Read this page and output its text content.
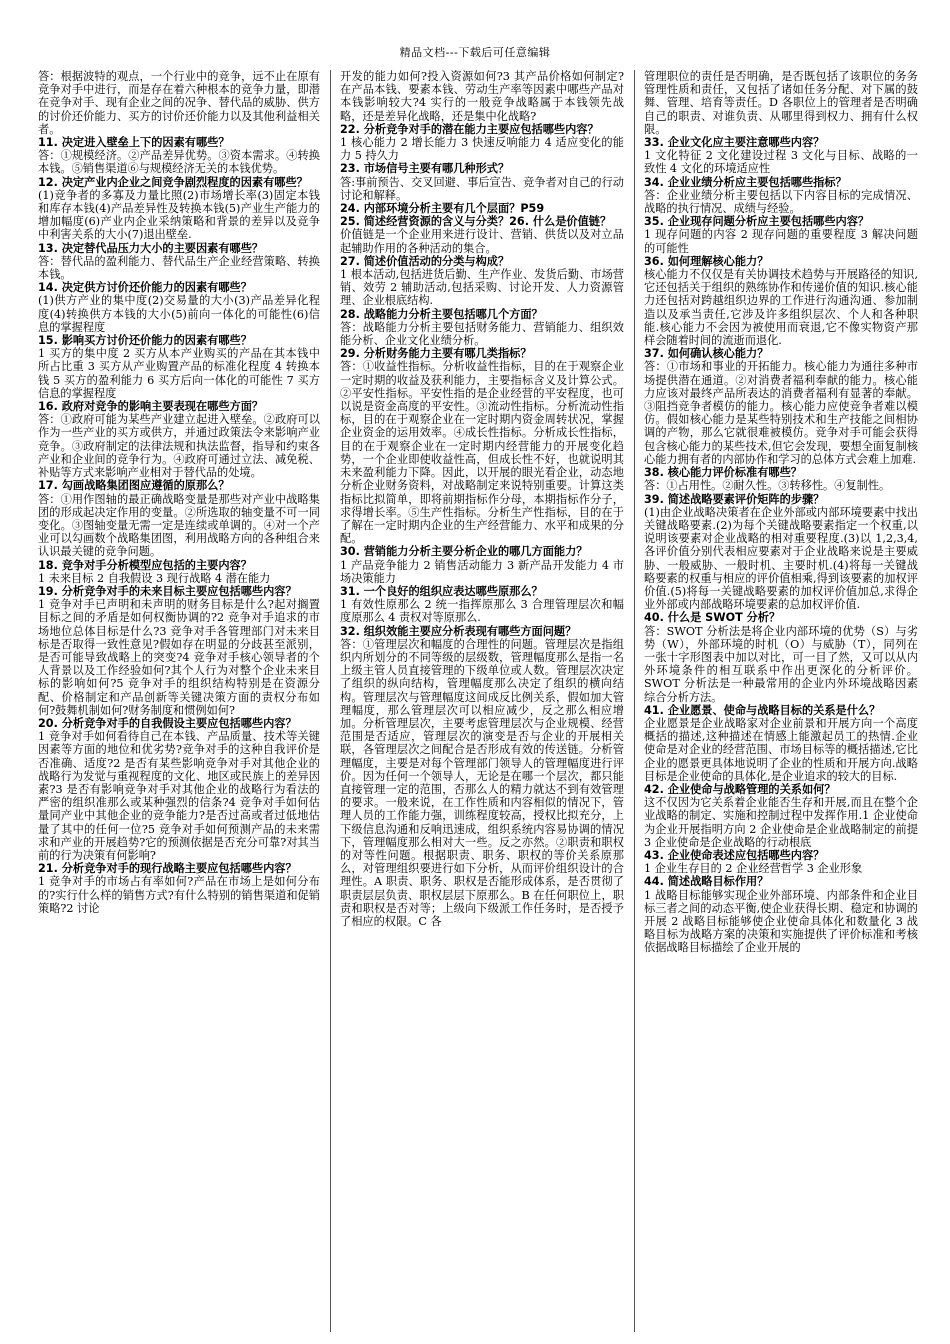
精品文档---下载后可任意编辑

答：根据波特的观点，一个行业中的竞争，远不止在原有竞争对手中进行，而是存在着六种根本的竞争力量，即潜在竞争对手、现有企业之间的况争、替代品的威胁、供方的讨价还价能力、买方的讨价还价能力以及其他利益相关者。

11. 决定进入壁垒上下的因素有哪些？

答：①规模经济。②产品差异优势。③资本需求。④转换本钱。⑤销售渠道⑥与规模经济无关的本钱优势。

12. 决定产业内企业之间竞争剧烈程度的因素有哪些？

(1)竞争者的多寡及力量比照(2)市场增长率(3)固定本钱和库存本钱(4)产品差异性及转换本钱(5)产业生产能力的增加幅度(6)产业内企业采纳策略和背景的差异以及竞争中利害关系的大小(7)退出壁垒.

13. 决定替代品压力大小的主要因素有哪些？

答：替代品的盈利能力、替代品生产企业经营策略、转换本钱。

14. 决定供方讨价还价能力的因素有哪些？

(1)供方产业的集中度(2)交易量的大小(3)产品差异化程度(4)转换供方本钱的大小(5)前向一体化的可能性(6)信息的掌握程度

15. 影响买方讨价还价能力的因素有哪些？

1 买方的集中度 2 买方从本产业购买的产品在其本钱中所占比重 3 买方从产业购置产品的标准化程度 4 转换本钱 5 买方的盈利能力 6 买方后向一体化的可能性 7 买方信息的掌握程度

16. 政府对竞争的影响主要表现在哪些方面？

答：①政府可能为某些产业建立起进入壁垒。②政府可以作为一些产业的买方或供方，并通过政策法令来影响产业竞争。③政府制定的法律法规和执法监督，指导和约束各产业和企业间的竞争行为。④政府可通过立法、减免税、补贴等方式来影响产业相对于替代品的处境。

17. 勾画战略集团图应遵循的原那么？

答：①用作图轴的最正确战略变量是那些对产业中战略集团的形成起决定作用的变量。②所选取的轴变量不可一同变化。③图轴变量无需一定是连续或单调的。④对一个产业可以勾画数个战略集团图，利用战略方向的各种组合来认识最关键的竞争问题。

18. 竞争对手分析模型应包括的主要内容？

1 未来目标 2 自我假设 3 现行战略 4 潜在能力

19. 分析竞争对手的未来目标主要应包括哪些内容？

1 竞争对手已声明和未声明的财务目标是什么?起对搁置目标之间的矛盾是如何权衡协调的?2 竞争对手追求的市场地位总体目标是什么?3 竞争对手各管理部门对未来目标是否取得一致性意见?假如存在明显的分歧甚至派别，是否可能导致战略上的突变?4 竞争对手核心领导者的个人背景以及工作经验如何?其个人行为对整个企业未来目标的影响如何?5 竞争对手的组织结构特别是在资源分配、价格制定和产品创新等关键决策方面的责权分布如何?鼓舞机制如何?财务制度和惯例如何?

20. 分析竞争对手的自我假设主要应包括哪些内容？

1 竞争对手如何看待自己在本钱、产品质量、技术等关键因素等方面的地位和优劣势?竞争对手的这种自我评价是否准确、适度?2 是否有某些影响竞争对手对其他企业的战略行为发觉与重视程度的文化、地区或民族上的差异因素?3 是否有影响竞争对手对其他企业的战略行为看法的严密的组织准那么或某种强烈的信条?4 竞争对手如何估量同产业中其他企业的竞争能力?是否过高或者过低地估量了其中的任何一位?5 竞争对手如何预测产品的未来需求和产业的开展趋势?它的预测依据是否充分可靠?对其当前的行为决策有何影响?

21. 分析竞争对手的现行战略主要应包括哪些内容？

1 竞争对手的市场占有率如何?产品在市场上是如何分布的?实行什么样的销售方式?有什么特别的销售渠道和促销策略?2 讨论

开发的能力如何?投入资源如何?3 其产品价格如何制定?在产品本钱、要素本钱、劳动生产率等因素中哪些产品对本钱影响较大?4 实行的一般竞争战略属于本钱领先战略，还是差异化战略，还是集中化战略?

22. 分析竞争对手的潜在能力主要应包括哪些内容？

1 核心能力 2 增长能力 3 快速反响能力 4 适应变化的能力 5 持久力

23. 市场信号主要有哪几种形式？

答:事前预告、交叉回避、事后宣告、竞争者对自己的行动讨论和解释。

24. 内部环境分析主要有几个层面？P59

25. 简述经营资源的含义与分类？26. 什么是价值链？

价值链是一个企业用来进行设计、营销、供货以及对立品起辅助作用的各种活动的集合。

27. 简述价值活动的分类与构成？

1 根本活动,包括进货后勤、生产作业、发货后勤、市场营销、效劳 2 辅助活动,包括采购、讨论开发、人力资源管理、企业根底结构.

28. 战略能力分析主要包括哪几个方面？

答：战略能力分析主要包括财务能力、营销能力、组织效能分析、企业文化业绩分析。

29. 分析财务能力主要有哪几类指标？

答：①收益性指标。分析收益性指标，目的在于观察企业一定时期的收益及获利能力，主要指标含义及计算公式。②平安性指标。平安性指的是企业经营的平安程度，也可以说是资金高度的平安性。③流动性指标。分析流动性指标，目的在于观察企业在一定时期内资金周转状况，掌握企业资金的运用效率。④成长性指标。分析成长性指标，目的在于观察企业在一定时期内经营能力的开展变化趋势，一个企业即使收益性高，但成长性不好，也就说明其未来盈利能力下降。因此，以开展的眼光看企业，动态地分析企业财务资料，对战略制定来说特别重要。计算这类指标比拟简单，即将前期指标作分母，本期指标作分子，求得增长率。⑤生产性指标。分析生产性指标，目的在于了解在一定时期内企业的生产经营能力、水平和成果的分配。

30. 营销能力分析主要分析企业的哪几方面能力？

1 产品竞争能力 2 销售活动能力 3 新产品开发能力 4 市场决策能力

31. 一个良好的组织应表达哪些原那么？

1 有效性原那么 2 统一指挥原那么 3 合理管理层次和幅度原那么 4 责权对等原那么.

32. 组织效能主要应分析表现有哪些方面问题？

答：①管理层次和幅度的合理性的问题。管理层次是指组织内所划分的不同等级的层级数，管理幅度那么是指一名上级主管人员直接管理的下级单位或人数。管理层次决定了组织的纵向结构，管理幅度那么决定了组织的横向结构。管理层次与管理幅度这间成反比例关系，假如加大管理幅度，那么管理层次可以相应减少，反之那么相应增加。分析管理层次，主要考虑管理层次与企业规模、经营范围是否适应，管理层次的演变是否与企业的开展相关联，各管理层次之间配合是否形成有效的传送链。分析管理幅度，主要是对每个管理部门领导人的管理幅度进行评价。因为任何一个领导人，无论是在哪一个层次，都只能直接管理一定的范围，否那么人的精力就达不到有效管理的要求。一般来说，在工作性质和内容相似的情况下，管理人员的工作能力强，训练程度较高，授权比拟充分，上下级信息沟通和反响迅速成，组织系统内容易协调的情况下，管理幅度那么相对大一些。反之亦然。②职责和职权的对等性问题。根据职责、职务、职权的等价关系原那么，对管理组织要进行如下分析，从而评价组织设计的合理性。A 职责、职务、职权是否能形成体系，是否贯彻了职责层层负责、职权层层下原那么。B 在任何职位上，职责和职权是否对等；上级向下级派工作任务时，是否授予了相应的权限。C 各

管理职位的责任是否明确，是否既包括了该职位的务务管理性质和责任，又包括了诸如任务分配、对下属的鼓舞、管理、培育等责任。D 各职位上的管理者是否明确自己的职责、对谁负责、从哪里得到权力、拥有什么权限。

33. 企业文化应主要注意哪些内容？

1 文化特征 2 文化建设过程 3 文化与目标、战略的一致性 4 文化的环境适应性

34. 企业业绩分析应主要包括哪些指标？

答：企业业绩分析主要包括以下内容目标的完成情况、战略的执行情况、成绩与经验。

35. 企业现存问题分析应主要包括哪些内容？

1 现存问题的内容 2 现存问题的重要程度 3 解决问题的可能性

36. 如何理解核心能力？

核心能力不仅仅是有关协调技术趋势与开展路径的知识,它还包括关于组织的熟练协作和传递价值的知识.核心能力还包括对跨越组织边界的工作进行沟通沟通、参加制造以及承当责任,它涉及许多组织层次、个人和各种职能.核心能力不会因为被使用而衰退,它不像实物资产那样会随着时间的流逝而退化.

37. 如何确认核心能力？

答：①市场和事业的开拓能力。核心能力为通往多种市场提供潜在通道。②对消费者福利奉献的能力。核心能力应该对最终产品所表达的消费者福利有显著的奉献。③阻挡竞争者模仿的能力。核心能力应使竞争者难以模仿。假如核心能力是某些特别技术和生产技能之间相协调的产物，那么它就很难被模仿。竞争对手可能会获得包含核心能力的某些技术,但它会发现，要想全面复制核心能力拥有者的内部协作和学习的总体方式会难上加难.

38. 核心能力评价标准有哪些？

答：①占用性。②耐久性。③转移性。④复制性。

39. 简述战略要素评价矩阵的步骤？

(1)由企业战略决策者在企业外部或内部环境要素中找出关键战略要素.(2)为每个关键战略要素指定一个权重,以说明该要素对企业战略的相对重要程度.(3)以 1,2,3,4,各评价值分别代表相应要素对于企业战略来说是主要威胁、一般威胁、一般时机、主要时机.(4)将每一关键战略要素的权重与相应的评价值相乘,得到该要素的加权评价值.(5)将每一关键战略要素的加权评价值加总,求得企业外部或内部战略环境要素的总加权评价值.

40. 什么是 SWOT 分析？

答：SWOT 分析法是将企业内部环境的优势（S）与劣势（W），外部环境的时机（O）与威胁（T），同列在一张十字形图表中加以对比，可一目了然，又可以从内外环境条件的相互联系中作出更深化的分析评价。SWOT 分析法是一种最常用的企业内外环境战略因素综合分析方法。

41. 企业愿景、使命与战略目标的关系是什么？

企业愿景是企业战略家对企业前景和开展方向一个高度概括的描述,这种描述在情感上能激起员工的热情.企业使命是对企业的经营范围、市场目标等的概括描述,它比企业的愿景更具体地说明了企业的性质和开展方向.战略目标是企业使命的具体化,是企业追求的较大的目标.

42. 企业使命与战略管理的关系如何？

这不仅因为它关系着企业能否生存和开展,而且在整个企业战略的制定、实施和控制过程中发挥作用.1 企业使命为企业开展指明方向 2 企业使命是企业战略制定的前提 3 企业使命是企业战略的行动根底

43. 企业使命表述应包括哪些内容？

1 企业生存目的 2 企业经营哲学 3 企业形象

44. 简述战略目标作用？

1 战略目标能够实现企业外部环境、内部条件和企业目标三者之间的动态平衡,使企业获得长期、稳定和协调的开展 2 战略目标能够使企业使命具体化和数量化 3 战略目标为战略方案的决策和实施提供了评价标准和考核依据战略目标描绘了企业开展的
